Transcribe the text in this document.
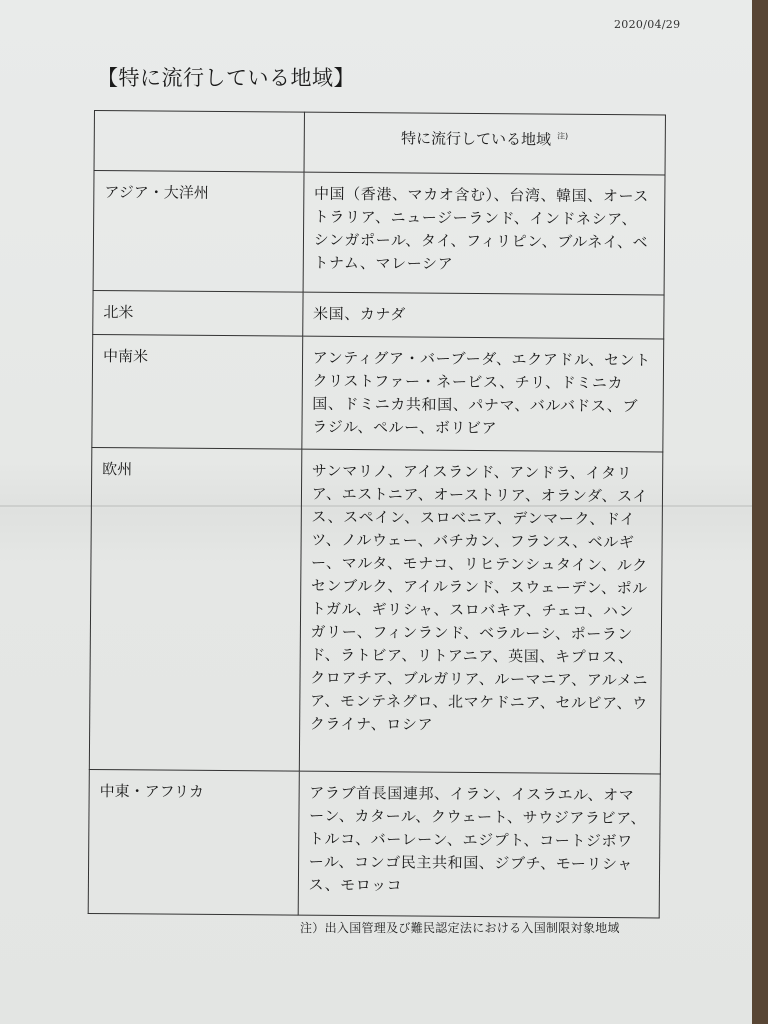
2020/04/29
【特に流行している地域】
	特に流行している地域 $^{注)}$
アジア・大洋州	中国（香港、マカオ含む）、台湾、韓国、オーストラリア、ニュージーランド、インドネシア、シンガポール、タイ、フィリピン、ブルネイ、ベトナム、マレーシア
北米	米国、カナダ
中南米	アンティグア・バーブーダ、エクアドル、セントクリストファー・ネービス、チリ、ドミニカ国、ドミニカ共和国、パナマ、バルバドス、ブラジル、ペルー、ボリビア
欧州	サンマリノ、アイスランド、アンドラ、イタリア、エストニア、オーストリア、オランダ、スイス、スペイン、スロベニア、デンマーク、ドイツ、ノルウェー、バチカン、フランス、ベルギー、マルタ、モナコ、リヒテンシュタイン、ルクセンブルク、アイルランド、スウェーデン、ポルトガル、ギリシャ、スロバキア、チェコ、ハンガリー、フィンランド、ベラルーシ、ポーランド、ラトビア、リトアニア、英国、キプロス、クロアチア、ブルガリア、ルーマニア、アルメニア、モンテネグロ、北マケドニア、セルビア、ウクライナ、ロシア
中東・アフリカ	アラブ首長国連邦、イラン、イスラエル、オマーン、カタール、クウェート、サウジアラビア、トルコ、バーレーン、エジプト、コートジボワール、コンゴ民主共和国、ジブチ、モーリシャス、モロッコ
注）出入国管理及び難民認定法における入国制限対象地域
